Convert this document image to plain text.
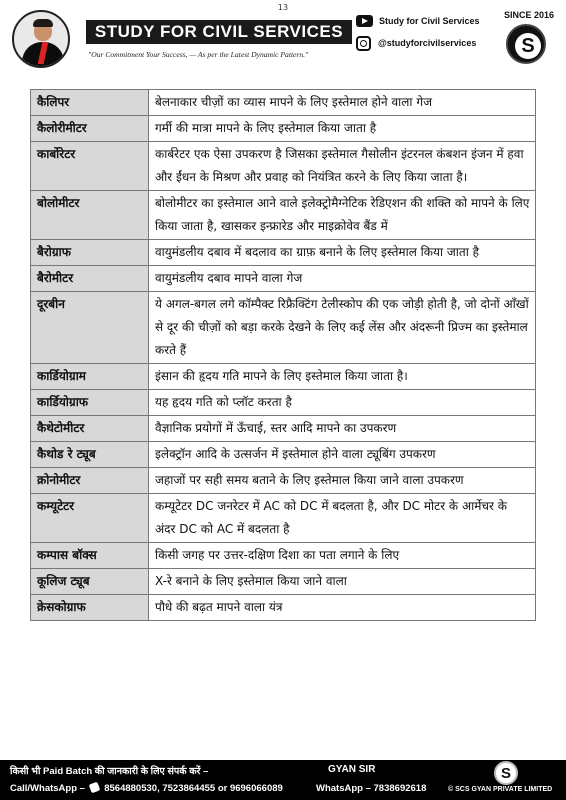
13
STUDY FOR CIVIL SERVICES
"Our Commitment Your Success, — As per the Latest Dynamic Pattern."
Study for Civil Services
@studyforcivilservices
SINCE 2016
S
कैलिपर	बेलनाकार चीज़ों का व्यास मापने के लिए इस्तेमाल होने वाला गेज
कैलोरीमीटर	गर्मी की मात्रा मापने के लिए इस्तेमाल किया जाता है
कार्बोरेटर	कार्बरेटर एक ऐसा उपकरण है जिसका इस्तेमाल गैसोलीन इंटरनल कंबशन इंजन में हवा और ईंधन के मिश्रण और प्रवाह को नियंत्रित करने के लिए किया जाता है।
बोलोमीटर	बोलोमीटर का इस्तेमाल आने वाले इलेक्ट्रोमैग्नेटिक रेडिएशन की शक्ति को मापने के लिए किया जाता है, खासकर इन्फ्रारेड और माइक्रोवेव बैंड में
बैरोग्राफ	वायुमंडलीय दबाव में बदलाव का ग्राफ़ बनाने के लिए इस्तेमाल किया जाता है
बैरोमीटर	वायुमंडलीय दबाव मापने वाला गेज
दूरबीन	ये अगल-बगल लगे कॉम्पैक्ट रिफ्रैक्टिंग टेलीस्कोप की एक जोड़ी होती है, जो दोनों आँखों से दूर की चीज़ों को बड़ा करके देखने के लिए कई लेंस और अंदरूनी प्रिज्म का इस्तेमाल करते हैं
कार्डियोग्राम	इंसान की हृदय गति मापने के लिए इस्तेमाल किया जाता है।
कार्डियोग्राफ	यह हृदय गति को प्लॉट करता है
कैथेटोमीटर	वैज्ञानिक प्रयोगों में ऊँचाई, स्तर आदि मापने का उपकरण
कैथोड रे ट्यूब	इलेक्ट्रॉन आदि के उत्सर्जन में इस्तेमाल होने वाला ट्यूबिंग उपकरण
क्रोनोमीटर	जहाजों पर सही समय बताने के लिए इस्तेमाल किया जाने वाला उपकरण
कम्यूटेटर	कम्यूटेटर DC जनरेटर में AC को DC में बदलता है, और DC मोटर के आर्मेचर के अंदर DC को AC में बदलता है
कम्पास बॉक्स	किसी जगह पर उत्तर-दक्षिण दिशा का पता लगाने के लिए
कूलिज ट्यूब	X-रे बनाने के लिए इस्तेमाल किया जाने वाला
क्रेसकोग्राफ	पौधे की बढ़त मापने वाला यंत्र
किसी भी Paid Batch की जानकारी के लिए संपर्क करें –
Call/WhatsApp – 8564880530, 7523864455 or 9696066089
GYAN SIR
WhatsApp – 7838692618
S
© SCS GYAN PRIVATE LIMITED
